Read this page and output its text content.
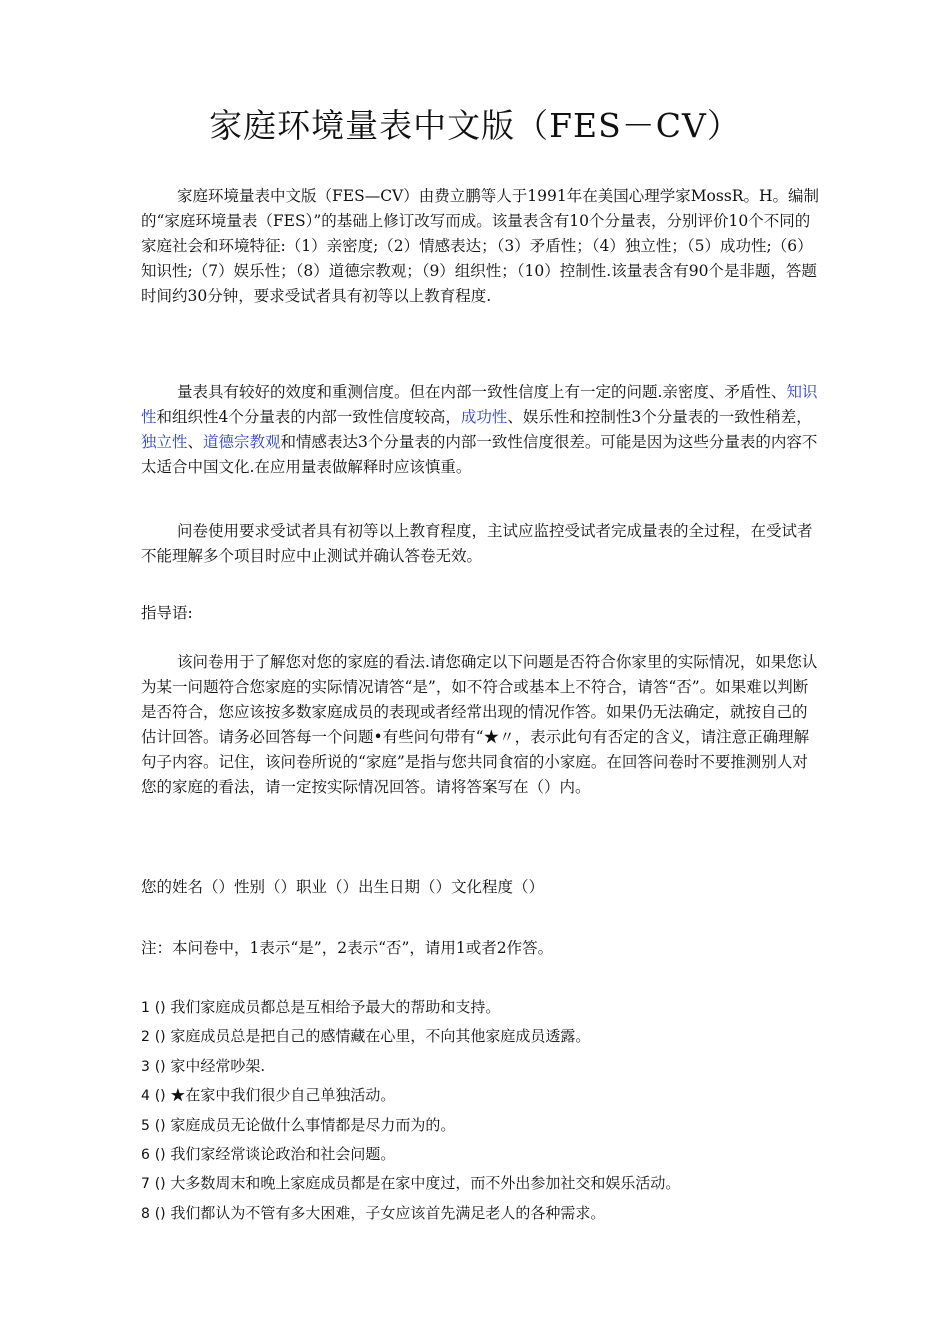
家庭环境量表中文版（FES－CV）

家庭环境量表中文版（FES—CV）由费立鹏等人于1991年在美国心理学家MossR。H。编制的“家庭环境量表（FES）”的基础上修订改写而成。该量表含有10个分量表，分别评价10个不同的家庭社会和环境特征:（1）亲密度;（2）情感表达；（3）矛盾性；（4）独立性；（5）成功性;（6）知识性;（7）娱乐性；（8）道德宗教观；（9）组织性；（10）控制性.该量表含有90个是非题，答题时间约30分钟，要求受试者具有初等以上教育程度.

量表具有较好的效度和重测信度。但在内部一致性信度上有一定的问题.亲密度、矛盾性、知识性和组织性4个分量表的内部一致性信度较高，成功性、娱乐性和控制性3个分量表的一致性稍差，独立性、道德宗教观和情感表达3个分量表的内部一致性信度很差。可能是因为这些分量表的内容不太适合中国文化.在应用量表做解释时应该慎重。

问卷使用要求受试者具有初等以上教育程度，主试应监控受试者完成量表的全过程，在受试者不能理解多个项目时应中止测试并确认答卷无效。

指导语:

该问卷用于了解您对您的家庭的看法.请您确定以下问题是否符合你家里的实际情况，如果您认为某一问题符合您家庭的实际情况请答“是”，如不符合或基本上不符合，请答“否”。如果难以判断是否符合，您应该按多数家庭成员的表现或者经常出现的情况作答。如果仍无法确定，就按自己的估计回答。请务必回答每一个问题•有些问句带有“★〃，表示此句有否定的含义，请注意正确理解句子内容。记住，该问卷所说的“家庭”是指与您共同食宿的小家庭。在回答问卷时不要推测别人对您的家庭的看法，请一定按实际情况回答。请将答案写在（）内。

您的姓名（）性别（）职业（）出生日期（）文化程度（）

注：本问卷中，1表示“是”，2表示“否”，请用1或者2作答。

1 () 我们家庭成员都总是互相给予最大的帮助和支持。
2 () 家庭成员总是把自己的感情藏在心里，不向其他家庭成员透露。
3 () 家中经常吵架.
4 () ★在家中我们很少自己单独活动。
5 () 家庭成员无论做什么事情都是尽力而为的。
6 () 我们家经常谈论政治和社会问题。
7 () 大多数周末和晚上家庭成员都是在家中度过，而不外出参加社交和娱乐活动。
8 () 我们都认为不管有多大困难，子女应该首先满足老人的各种需求。
